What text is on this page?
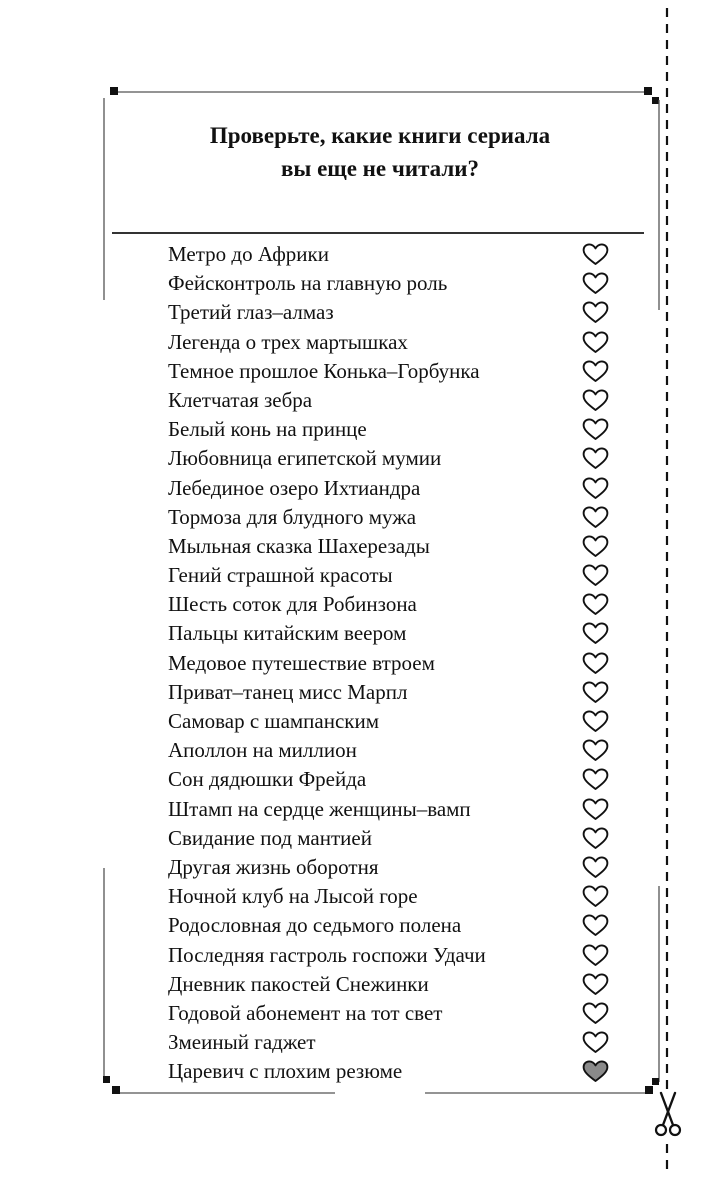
Проверьте, какие книги сериала
вы еще не читали?
Метро до Африки
Фейсконтроль на главную роль
Третий глаз–алмаз
Легенда о трех мартышках
Темное прошлое Конька–Горбунка
Клетчатая зебра
Белый конь на принце
Любовница египетской мумии
Лебединое озеро Ихтиандра
Тормоза для блудного мужа
Мыльная сказка Шахерезады
Гений страшной красоты
Шесть соток для Робинзона
Пальцы китайским веером
Медовое путешествие втроем
Приват–танец мисс Марпл
Самовар с шампанским
Аполлон на миллион
Сон дядюшки Фрейда
Штамп на сердце женщины–вамп
Свидание под мантией
Другая жизнь оборотня
Ночной клуб на Лысой горе
Родословная до седьмого полена
Последняя гастроль госпожи Удачи
Дневник пакостей Снежинки
Годовой абонемент на тот свет
Змеиный гаджет
Царевич с плохим резюме
